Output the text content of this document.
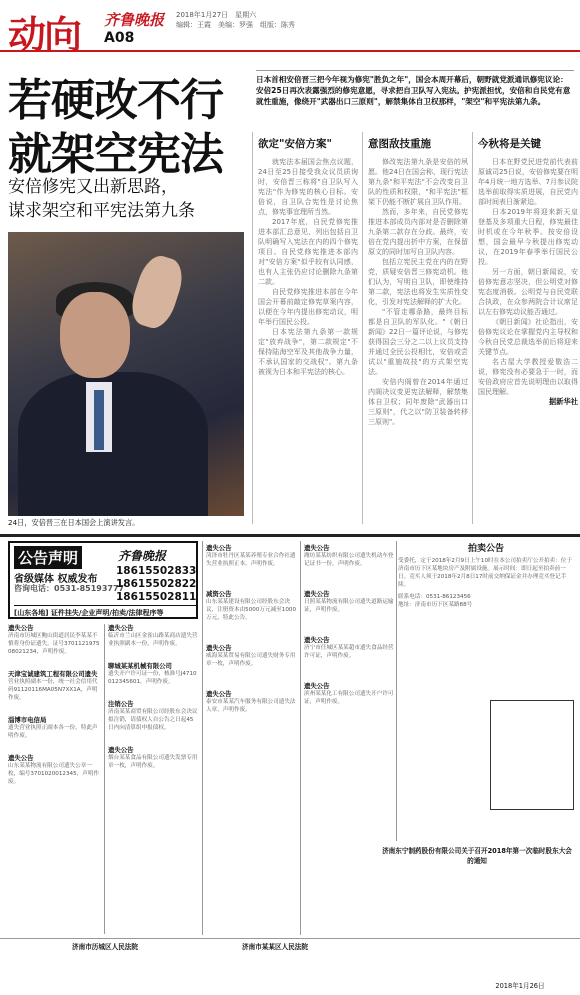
动向 齐鲁晚报
A08
2018年1月27日　星期六
编辑：王霞　美编：罗强　组版：陈秀
日本首相安倍晋三把今年视为修宪"胜负之年"，国会本周开幕后，朝野就党派通讯修宪议论：安倍25日再次表露强烈的修宪意愿，寻求把自卫队写入宪法。护宪派担忧，安倍和自民党有意就性重施，像绕开"武器出口三原则"，解禁集体自卫权那样，"架空"和平宪法第九条。
若硬改不行
就架空宪法
安倍修宪又出新思路，
谋求架空和平宪法第九条
24日，安倍晋三在日本国会上演讲发言。
欲定"安倍方案"

就宪法本届国会焦点议题，24日至25日接受我众议员质询时，安倍晋三称将"自卫队写入宪法"作为修宪的核心目标。安倍说，自卫队合宪性是讨论焦点，修宪事宜理所当然。

2017年底，自民党修宪推进本部汇总意见，列出包括自卫队明确写入宪法在内的四个修宪项目。自民党修宪推进本部内对"安倍方案"似乎较有认同感，也有人主张仍应讨论删除九条第二款。

自民党修宪推进本部在今年国会开幕前敲定修宪草案内容，以便在今年内提出修宪动议，明年举行国民公投。

日本宪法第九条第一款规定"放弃战争"，第二款规定"不保持陆海空军及其他战争力量，不承认国家的交战权"。第九条被视为日本和平宪法的核心。

意图敌技重施

修改宪法第九条是安倍的夙愿。他24日在国会称，现行宪法第九条"和平宪法"不会改变自卫队的性质和权限，"和平宪法"框架下仍能不断扩展自卫队作用。

然而，多年来，自民党修宪推进本部成员内部对是否删除第九条第二款存在分歧。最终，安倍在党内提出折中方案，在保留原文的同时加写自卫队内容。

包括立宪民主党在内的在野党，质疑安倍晋三修宪动机。他们认为，写明自卫队，即使维持第二款，宪法也将发生实质性变化，引发对宪法解释的扩大化。

"不管走哪条路，最终目标都是自卫队的军队化。"《朝日新闻》22日一篇评论说，与修宪获得国会三分之二以上议员支持并通过全民公投相比，安倍或尝试以"重施故技"的方式架空宪法。

安倍内阁曾在2014年通过内阁决议变更宪法解释，解禁集体自卫权；同年废除"武器出口三原则"，代之以"防卫装备转移三原则"。

今秋将是关键

日本在野党民进党前代表前原诚司25日说，安倍修宪要在明年4月统一地方选举、7月参议院选举前取得实质进展，自民党内部时间表日渐紧迫。

日本2019年将迎来新天皇登基及多项重大日程，修宪最佳时机或在今年秋季。按安倍设想，国会最早今秋提出修宪动议，在2019年春季举行国民公投。

另一方面，朝日新闻说，安倍修宪意志坚决，但公明党对修宪态度消极。公明党与自民党联合执政，在众参两院合计议席足以左右修宪动议能否通过。

《朝日新闻》社论指出，安倍修宪议论在掌握党内主导权和今秋自民党总裁选举前后将迎来关键节点。

名古屋大学教授爱敬浩二说，修宪没有必要急于一时，而安倍政府应首先说明理由以取得国民理解。

据新华社
公告声明	齐鲁晚报
省级媒体 权威发布
咨询电话：0531-85193777
18615502833
18615502822
18615502811
[山东各地] 证件挂失/企业声明/拍卖/法律程序等
遗失公告
济南市历城区鲍山街道居民李某某不慎将身份证遗失，证号370112197508021234，声明作废。
天津宝诚建筑工程有限公司遗失
营业执照副本一份，统一社会信用代码91120116MA05N7XX1A，声明作废。
淄博市电信局
遗失营业执照正副本各一份，特此声明作废。
遗失公告
山东某某物流有限公司遗失公章一枚，编号3701020012345，声明作废。
遗失公告
临沂市兰山区金雀山路某商店遗失营业执照副本一份，声明作废。
聊城某某机械有限公司
遗失开户许可证一份，核准号J4710012345601，声明作废。
注销公告
济南某某商贸有限公司经股东会决议拟注销，请债权人自公告之日起45日内向清算组申报债权。
遗失公告
烟台某某食品有限公司遗失发票专用章一枚，声明作废。
遗失公告
菏泽市牡丹区某某养殖专业合作社遗失营业执照正本，声明作废。
减资公告
山东某某建设有限公司经股东会决议，注册资本由5000万元减至1000万元，特此公告。
遗失公告
威海某某贸易有限公司遗失财务专用章一枚，声明作废。
遗失公告
泰安市某某汽车服务有限公司遗失法人章，声明作废。
遗失公告
潍坊某某纺织有限公司遗失机动车登记证书一份，声明作废。
遗失公告
日照某某物流有限公司遗失道路运输证，声明作废。
遗失公告
济宁市任城区某某超市遗失食品经营许可证，声明作废。
遗失公告
滨州某某化工有限公司遗失开户许可证，声明作废。
拍卖公告
受委托，定于2018年2月9日上午10时在本公司拍卖厅公开拍卖：位于济南市历下区某地块房产及附属设施。展示时间：即日起至拍卖前一日。竞买人须于2018年2月8日17时前交纳保证金并办理竞买登记手续。
联系电话：0531-86123456
地址：济南市历下区某路88号
济南市历城区人民法院	济南市某某区人民法院
济南东宁制药股份有限公司关于召开2018年第一次临时股东大会的通知
2018年1月26日
